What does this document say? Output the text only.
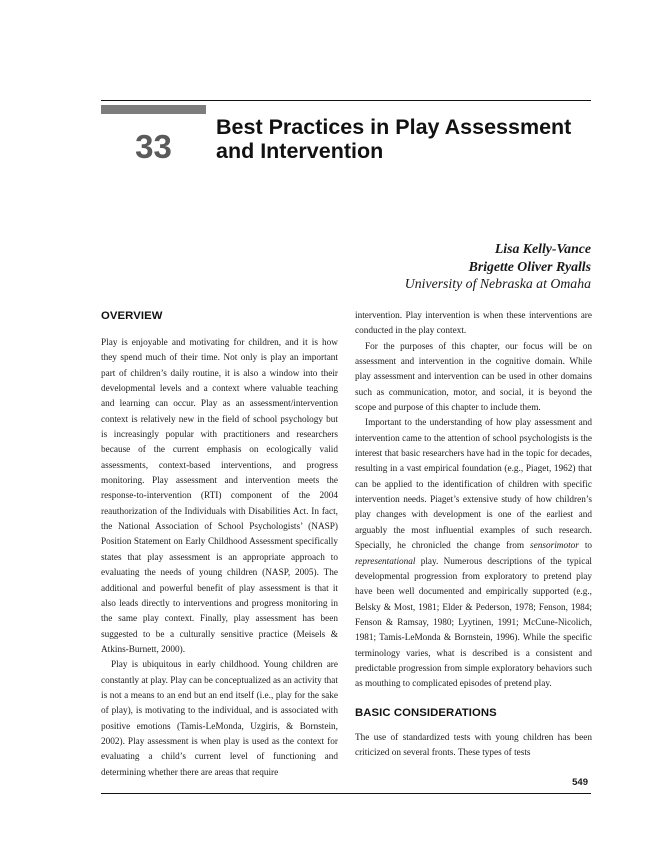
33
Best Practices in Play Assessment
and Intervention
Lisa Kelly-Vance
Brigette Oliver Ryalls
University of Nebraska at Omaha
OVERVIEW

Play is enjoyable and motivating for children, and it is how they spend much of their time. Not only is play an important part of children’s daily routine, it is also a window into their developmental levels and a context where valuable teaching and learning can occur. Play as an assessment/intervention context is relatively new in the field of school psychology but is increasingly popular with practitioners and researchers because of the current emphasis on ecologically valid assessments, context-based interventions, and progress monitoring. Play assessment and intervention meets the response-to-intervention (RTI) component of the 2004 reauthorization of the Individuals with Disabilities Act. In fact, the National Association of School Psychologists’ (NASP) Position Statement on Early Childhood Assessment specifically states that play assessment is an appropriate approach to evaluating the needs of young children (NASP, 2005). The additional and powerful benefit of play assessment is that it also leads directly to interventions and progress monitoring in the same play context. Finally, play assessment has been suggested to be a culturally sensitive practice (Meisels & Atkins-Burnett, 2000).

Play is ubiquitous in early childhood. Young children are constantly at play. Play can be conceptualized as an activity that is not a means to an end but an end itself (i.e., play for the sake of play), is motivating to the individual, and is associated with positive emotions (Tamis-LeMonda, Uzgiris, & Bornstein, 2002). Play assessment is when play is used as the context for evaluating a child’s current level of functioning and determining whether there are areas that require

intervention. Play intervention is when these interventions are conducted in the play context.

For the purposes of this chapter, our focus will be on assessment and intervention in the cognitive domain. While play assessment and intervention can be used in other domains such as communication, motor, and social, it is beyond the scope and purpose of this chapter to include them.

Important to the understanding of how play assessment and intervention came to the attention of school psychologists is the interest that basic researchers have had in the topic for decades, resulting in a vast empirical foundation (e.g., Piaget, 1962) that can be applied to the identification of children with specific intervention needs. Piaget’s extensive study of how children’s play changes with development is one of the earliest and arguably the most influential examples of such research. Specially, he chronicled the change from sensorimotor to representational play. Numerous descriptions of the typical developmental progression from exploratory to pretend play have been well documented and empirically supported (e.g., Belsky & Most, 1981; Elder & Pederson, 1978; Fenson, 1984; Fenson & Ramsay, 1980; Lyytinen, 1991; McCune-Nicolich, 1981; Tamis-LeMonda & Bornstein, 1996). While the specific terminology varies, what is described is a consistent and predictable progression from simple exploratory behaviors such as mouthing to complicated episodes of pretend play.

BASIC CONSIDERATIONS

The use of standardized tests with young children has been criticized on several fronts. These types of tests

549
